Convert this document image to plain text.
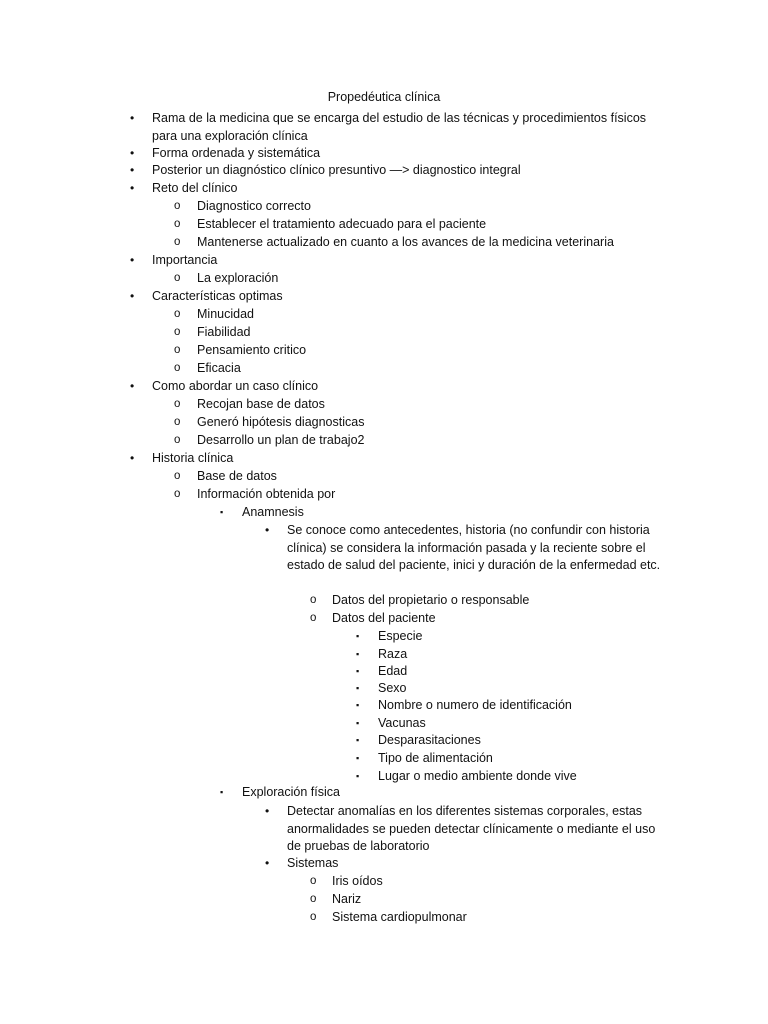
Propedéutica clínica
• Rama de la medicina que se encarga del estudio de las técnicas y procedimientos físicos para una exploración clínica
• Forma ordenada y sistemática
• Posterior un diagnóstico clínico presuntivo —> diagnostico integral
• Reto del clínico
o Diagnostico correcto
o Establecer el tratamiento adecuado para el paciente
o Mantenerse actualizado en cuanto a los avances de la medicina veterinaria
• Importancia
o La exploración
• Características optimas
o Minucidad
o Fiabilidad
o Pensamiento critico
o Eficacia
• Como abordar un caso clínico
o Recojan base de datos
o Generó hipótesis diagnosticas
o Desarrollo un plan de trabajo2
• Historia clínica
o Base de datos
o Información obtenida por
▪ Anamnesis
• Se conoce como antecedentes, historia (no confundir con historia clínica) se considera la información pasada y la reciente sobre el estado de salud del paciente, inici y duración de la enfermedad etc.
o Datos del propietario o responsable
o Datos del paciente
▪ Especie
▪ Raza
▪ Edad
▪ Sexo
▪ Nombre o numero de identificación
▪ Vacunas
▪ Desparasitaciones
▪ Tipo de alimentación
▪ Lugar o medio ambiente donde vive
▪ Exploración física
• Detectar anomalías en los diferentes sistemas corporales, estas anormalidades se pueden detectar clínicamente o mediante el uso de pruebas de laboratorio
• Sistemas
o Iris oídos
o Nariz
o Sistema cardiopulmonar
